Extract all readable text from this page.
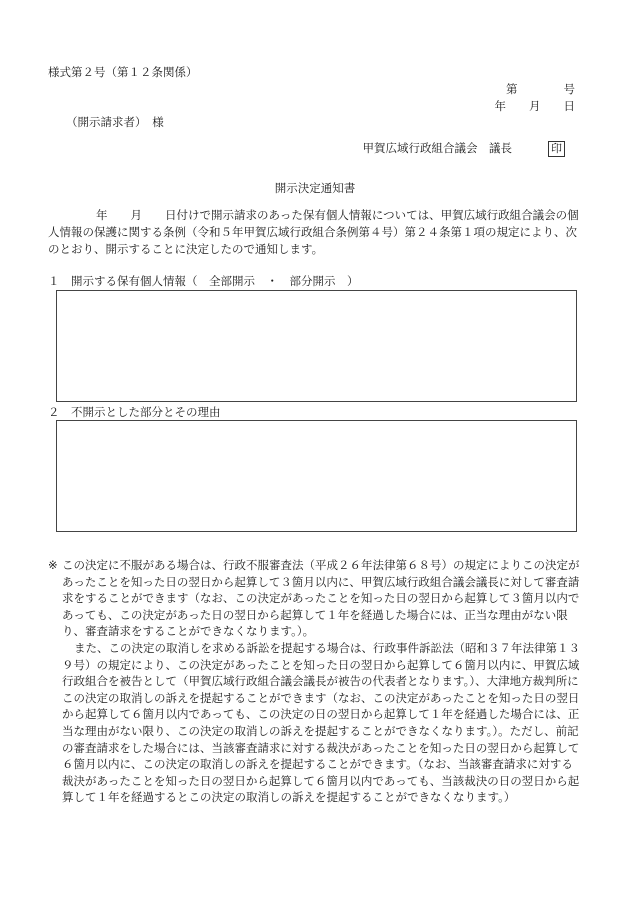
様式第２号（第１２条関係）
第　　　　号
年　　月　　日
（開示請求者）　様
甲賀広域行政組合議会　議長	印
開示決定通知書
年　　月　　日付けで開示請求のあった保有個人情報については、甲賀広域行政組合議会の個人情報の保護に関する条例（令和５年甲賀広域行政組合条例第４号）第２４条第１項の規定により、次のとおり、開示することに決定したので通知します。
１　開示する保有個人情報（　全部開示　・　部分開示　）
２　不開示とした部分とその理由
※ この決定に不服がある場合は、行政不服審査法（平成２６年法律第６８号）の規定によりこの決定があったことを知った日の翌日から起算して３箇月以内に、甲賀広域行政組合議会議長に対して審査請求をすることができます（なお、この決定があったことを知った日の翌日から起算して３箇月以内であっても、この決定があった日の翌日から起算して１年を経過した場合には、正当な理由がない限り、審査請求をすることができなくなります。）。
また、この決定の取消しを求める訴訟を提起する場合は、行政事件訴訟法（昭和３７年法律第１３９号）の規定により、この決定があったことを知った日の翌日から起算して６箇月以内に、甲賀広域行政組合を被告として（甲賀広域行政組合議会議長が被告の代表者となります。）、大津地方裁判所にこの決定の取消しの訴えを提起することができます（なお、この決定があったことを知った日の翌日から起算して６箇月以内であっても、この決定の日の翌日から起算して１年を経過した場合には、正当な理由がない限り、この決定の取消しの訴えを提起することができなくなります。）。ただし、前記の審査請求をした場合には、当該審査請求に対する裁決があったことを知った日の翌日から起算して６箇月以内に、この決定の取消しの訴えを提起することができます。（なお、当該審査請求に対する裁決があったことを知った日の翌日から起算して６箇月以内であっても、当該裁決の日の翌日から起算して１年を経過するとこの決定の取消しの訴えを提起することができなくなります。）
